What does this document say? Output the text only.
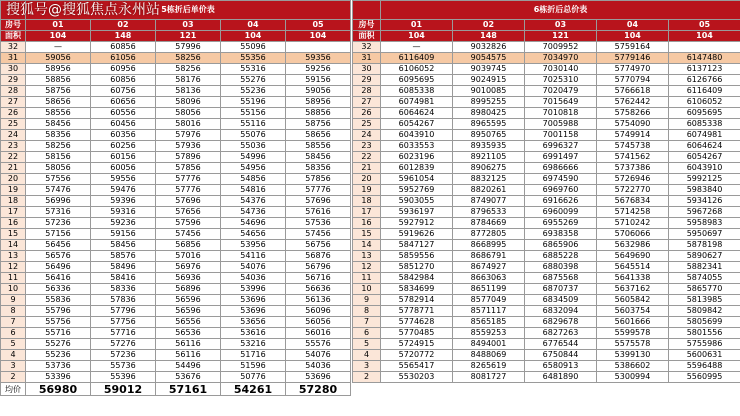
搜狐号@搜狐焦点永州站
	5栋折后单价表				
房号	01	02	03	04	05
面积	104	148	121	104	104
32	—	60856	57996	55096	
31	59056	61056	58256	55356	59356
30	58956	60956	58256	55316	59256
29	58856	60856	58176	55276	59156
28	58756	60756	58136	55236	59056
27	58656	60656	58096	55196	58956
26	58556	60556	58056	55156	58856
25	58456	60456	58016	55116	58756
24	58356	60356	57976	55076	58656
23	58256	60256	57936	55036	58556
22	58156	60156	57896	54996	58456
21	58056	60056	57856	54956	58356
20	57556	59556	57776	54856	57856
19	57476	59476	57776	54816	57776
18	56996	59396	57696	54376	57696
17	57316	59316	57656	54736	57616
16	57236	59236	57596	54696	57536
15	57156	59156	57456	54656	57456
14	56456	58456	56856	53956	56756
13	56576	58576	57016	54116	56876
12	56496	58496	56976	54076	56796
11	56416	58416	56936	54036	56716
10	56336	58336	56896	53996	56636
9	55836	57836	56596	53696	56136
8	55796	57796	56596	53696	56096
7	55756	57756	56556	53656	56056
6	55716	57716	56536	53616	56016
5	55276	57276	56116	53216	55576
4	55236	57236	56116	51716	54076
3	53736	55736	54496	51596	54036
2	53396	55396	53676	50776	53696
均价	56980	59012	57161	54261	57280
	6栋折后总价表				
房号	01	02	03	04	05
面积	104	148	121	104	104
32	—	9032826	7009952	5759164	
31	6116409	9054575	7034970	5779146	6147480
30	6106052	9039745	7030140	5774970	6137123
29	6095695	9024915	7025310	5770794	6126766
28	6085338	9010085	7020479	5766618	6116409
27	6074981	8995255	7015649	5762442	6106052
26	6064624	8980425	7010818	5758266	6095695
25	6054267	8965595	7005988	5754090	6085338
24	6043910	8950765	7001158	5749914	6074981
23	6033553	8935935	6996327	5745738	6064624
22	6023196	8921105	6991497	5741562	6054267
21	6012839	8906275	6986666	5737386	6043910
20	5961054	8832125	6974590	5726946	5992125
19	5952769	8820261	6969760	5722770	5983840
18	5903055	8749077	6916626	5676834	5934126
17	5936197	8796533	6960099	5714258	5967268
16	5927912	8784669	6955269	5710242	5958983
15	5919626	8772805	6938358	5706066	5950697
14	5847127	8668995	6865906	5632986	5878198
13	5859556	8686791	6885228	5649690	5890627
12	5851270	8674927	6880398	5645514	5882341
11	5842984	8663063	6875568	5641338	5874055
10	5834699	8651199	6870737	5637162	5865770
9	5782914	8577049	6834509	5605842	5813985
8	5778771	8571117	6832094	5603754	5809842
7	5774628	8565185	6829678	5601666	5805699
6	5770485	8559253	6827263	5599578	5801556
5	5724915	8494001	6776544	5575578	5755986
4	5720772	8488069	6750844	5399130	5600631
3	5565417	8265619	6580913	5386602	5596488
2	5530203	8081727	6481890	5300994	5560995
